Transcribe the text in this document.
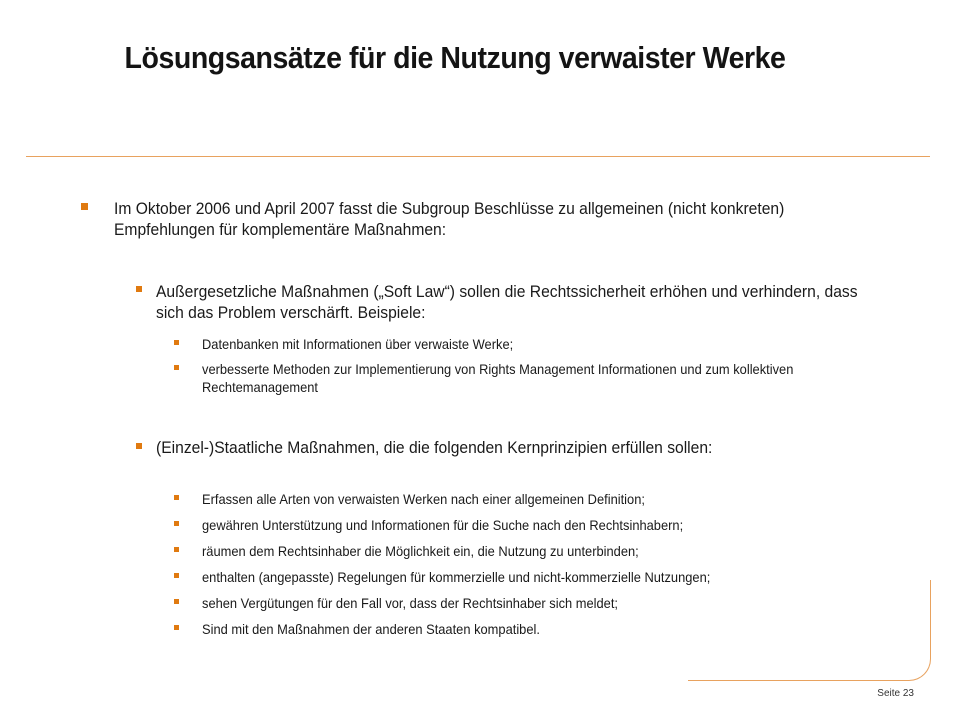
Lösungsansätze für die Nutzung verwaister Werke
Im Oktober 2006 und April 2007 fasst die Subgroup Beschlüsse zu allgemeinen (nicht konkreten) Empfehlungen für komplementäre Maßnahmen:
Außergesetzliche Maßnahmen („Soft Law“) sollen die Rechtssicherheit erhöhen und verhindern, dass sich das Problem verschärft. Beispiele:
Datenbanken mit Informationen über verwaiste Werke;
verbesserte Methoden zur Implementierung von Rights Management Informationen und zum kollektiven Rechtemanagement
(Einzel-)Staatliche Maßnahmen, die die folgenden Kernprinzipien erfüllen sollen:
Erfassen alle Arten von verwaisten Werken nach einer allgemeinen Definition;
gewähren Unterstützung und Informationen für die Suche nach den Rechtsinhabern;
räumen dem Rechtsinhaber die Möglichkeit ein, die Nutzung zu unterbinden;
enthalten (angepasste) Regelungen für kommerzielle und nicht-kommerzielle Nutzungen;
sehen Vergütungen für den Fall vor, dass der Rechtsinhaber sich meldet;
Sind mit den Maßnahmen der anderen Staaten kompatibel.
Seite 23
